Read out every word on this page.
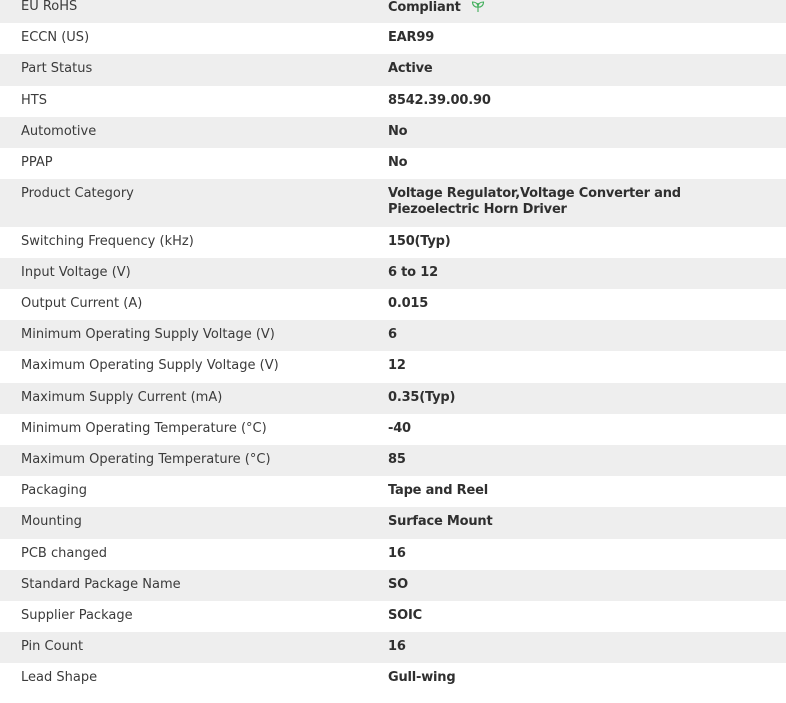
EU RoHS	Compliant
ECCN (US)	EAR99
Part Status	Active
HTS	8542.39.00.90
Automotive	No
PPAP	No
Product Category	Voltage Regulator,Voltage Converter and Piezoelectric Horn Driver
Switching Frequency (kHz)	150(Typ)
Input Voltage (V)	6 to 12
Output Current (A)	0.015
Minimum Operating Supply Voltage (V)	6
Maximum Operating Supply Voltage (V)	12
Maximum Supply Current (mA)	0.35(Typ)
Minimum Operating Temperature (°C)	-40
Maximum Operating Temperature (°C)	85
Packaging	Tape and Reel
Mounting	Surface Mount
PCB changed	16
Standard Package Name	SO
Supplier Package	SOIC
Pin Count	16
Lead Shape	Gull-wing
